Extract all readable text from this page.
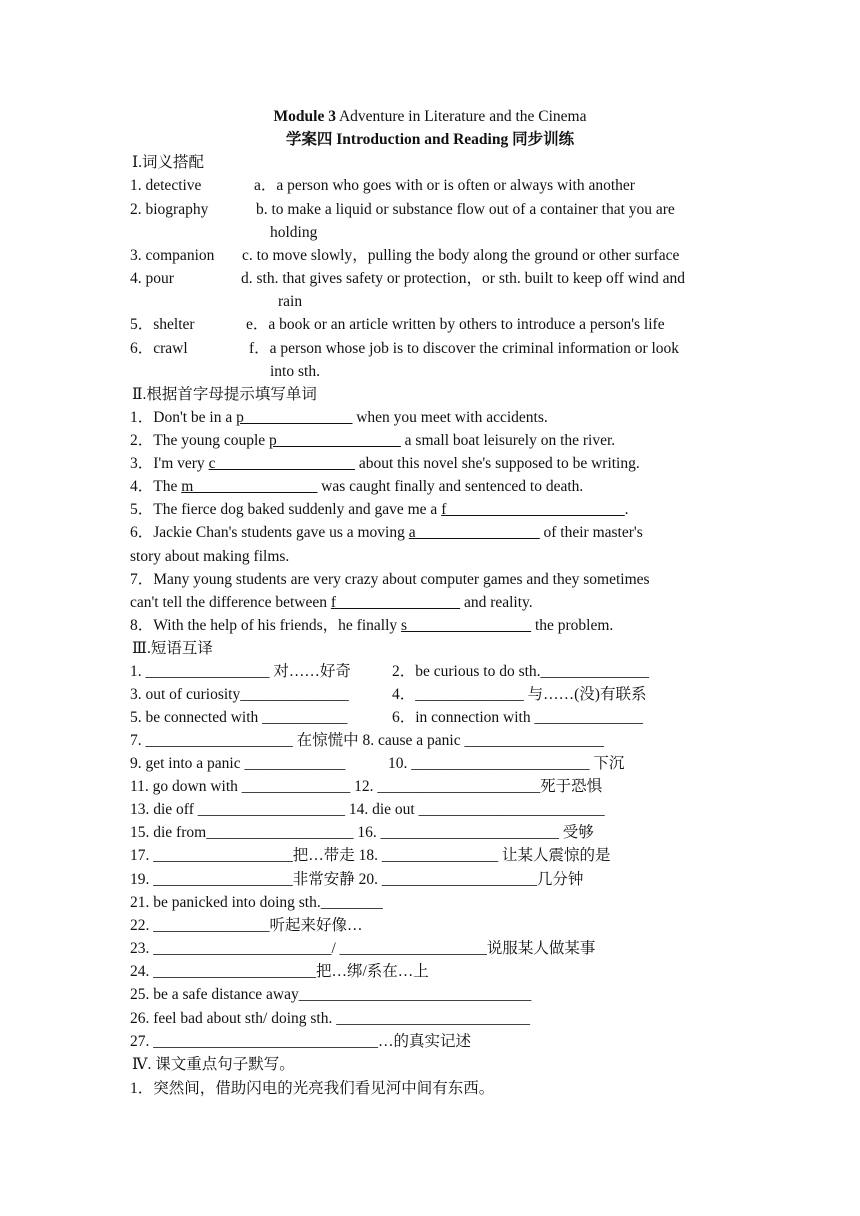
Module 3 Adventure in Literature and the Cinema
学案四 Introduction and Reading 同步训练
Ⅰ.词义搭配
1. detective	a．a person who goes with or is often or always with another
2. biography	b. to make a liquid or substance flow out of a container that you are
holding
3. companion c. to move slowly，pulling the body along the ground or other surface
4. pour	d. sth. that gives safety or protection，or sth. built to keep off wind and
rain
5．shelter	e．a book or an article written by others to introduce a person's life
6．crawl	f．a person whose job is to discover the criminal information or look
into sth.
Ⅱ.根据首字母提示填写单词
1．Don't be in a p______________ when you meet with accidents.
2．The young couple p________________ a small boat leisurely on the river.
3．I'm very c__________________ about this novel she's supposed to be writing.
4．The m________________ was caught finally and sentenced to death.
5．The fierce dog baked suddenly and gave me a f_______________________.
6．Jackie Chan's students gave us a moving a________________ of their master's
story about making films.
7．Many young students are very crazy about computer games and they sometimes
can't tell the difference between f________________ and reality.
8．With the help of his friends，he finally s________________ the problem.
Ⅲ.短语互译
1. ________________ 对……好奇	2．be curious to do sth.______________
3. out of curiosity______________	4．______________ 与……(没)有联系
5. be connected with ___________	6．in connection with ______________
7. ___________________ 在惊慌中 8. cause a panic __________________
9. get into a panic _____________	10. _______________________ 下沉
11. go down with ______________ 12. _____________________死于恐惧
13. die off ___________________ 14. die out ________________________
15. die from___________________ 16. _______________________ 受够
17. __________________把…带走 18. _______________ 让某人震惊的是
19. __________________非常安静 20. ____________________几分钟
21. be panicked into doing sth.________
22. _______________听起来好像…
23. _______________________/ ___________________说服某人做某事
24. _____________________把…绑/系在…上
25. be a safe distance away______________________________
26. feel bad about sth/ doing sth. _________________________
27. _____________________________…的真实记述
Ⅳ. 课文重点句子默写。
1．突然间，借助闪电的光亮我们看见河中间有东西。
